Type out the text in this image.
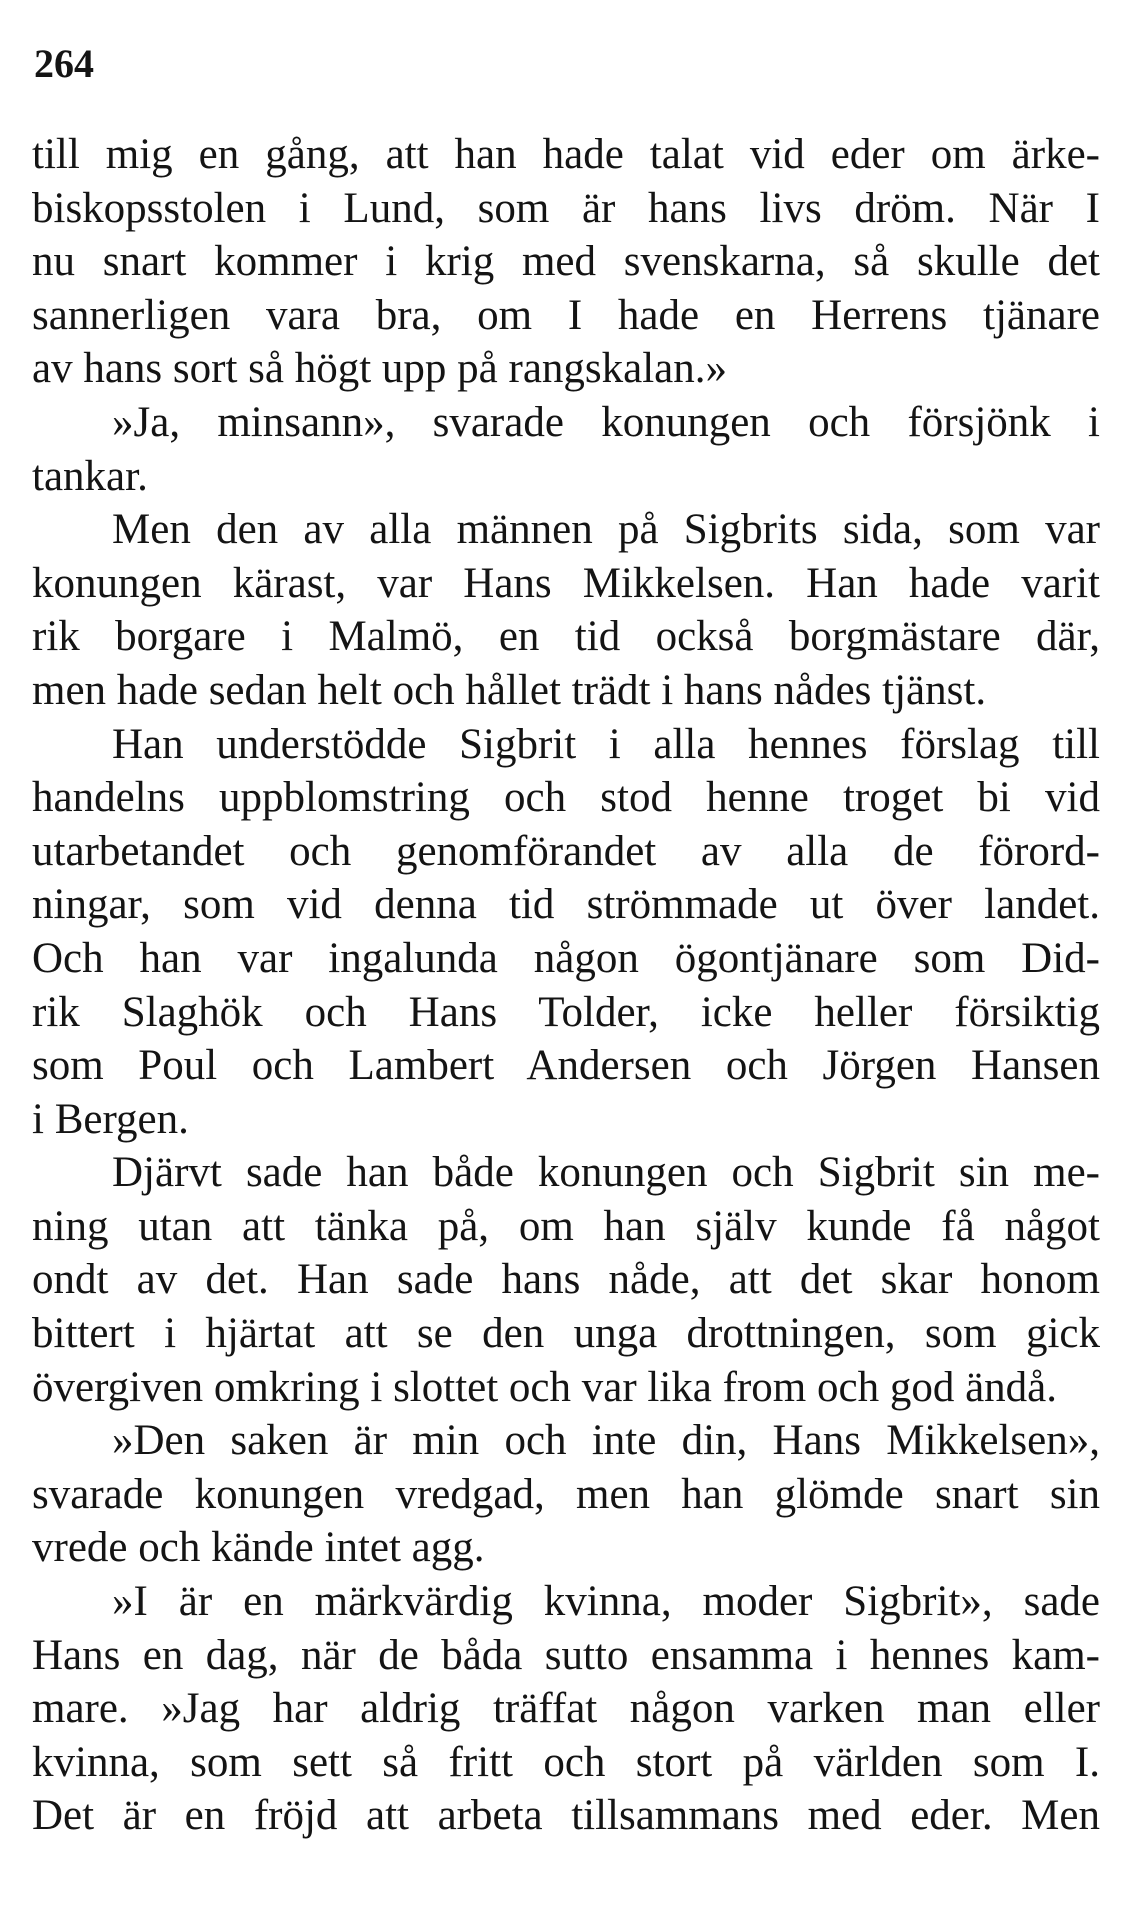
264
till mig en gång, att han hade talat vid eder om ärke-
biskopsstolen i Lund, som är hans livs dröm. När I
nu snart kommer i krig med svenskarna, så skulle det
sannerligen vara bra, om I hade en Herrens tjänare
av hans sort så högt upp på rangskalan.»
»Ja, minsann», svarade konungen och försjönk i
tankar.
Men den av alla männen på Sigbrits sida, som var
konungen kärast, var Hans Mikkelsen. Han hade varit
rik borgare i Malmö, en tid också borgmästare där,
men hade sedan helt och hållet trädt i hans nådes tjänst.
Han understödde Sigbrit i alla hennes förslag till
handelns uppblomstring och stod henne troget bi vid
utarbetandet och genomförandet av alla de förord-
ningar, som vid denna tid strömmade ut över landet.
Och han var ingalunda någon ögontjänare som Did-
rik Slaghök och Hans Tolder, icke heller försiktig
som Poul och Lambert Andersen och Jörgen Hansen
i Bergen.
Djärvt sade han både konungen och Sigbrit sin me-
ning utan att tänka på, om han själv kunde få något
ondt av det. Han sade hans nåde, att det skar honom
bittert i hjärtat att se den unga drottningen, som gick
övergiven omkring i slottet och var lika from och god ändå.
»Den saken är min och inte din, Hans Mikkelsen»,
svarade konungen vredgad, men han glömde snart sin
vrede och kände intet agg.
»I är en märkvärdig kvinna, moder Sigbrit», sade
Hans en dag, när de båda sutto ensamma i hennes kam-
mare. »Jag har aldrig träffat någon varken man eller
kvinna, som sett så fritt och stort på världen som I.
Det är en fröjd att arbeta tillsammans med eder. Men
